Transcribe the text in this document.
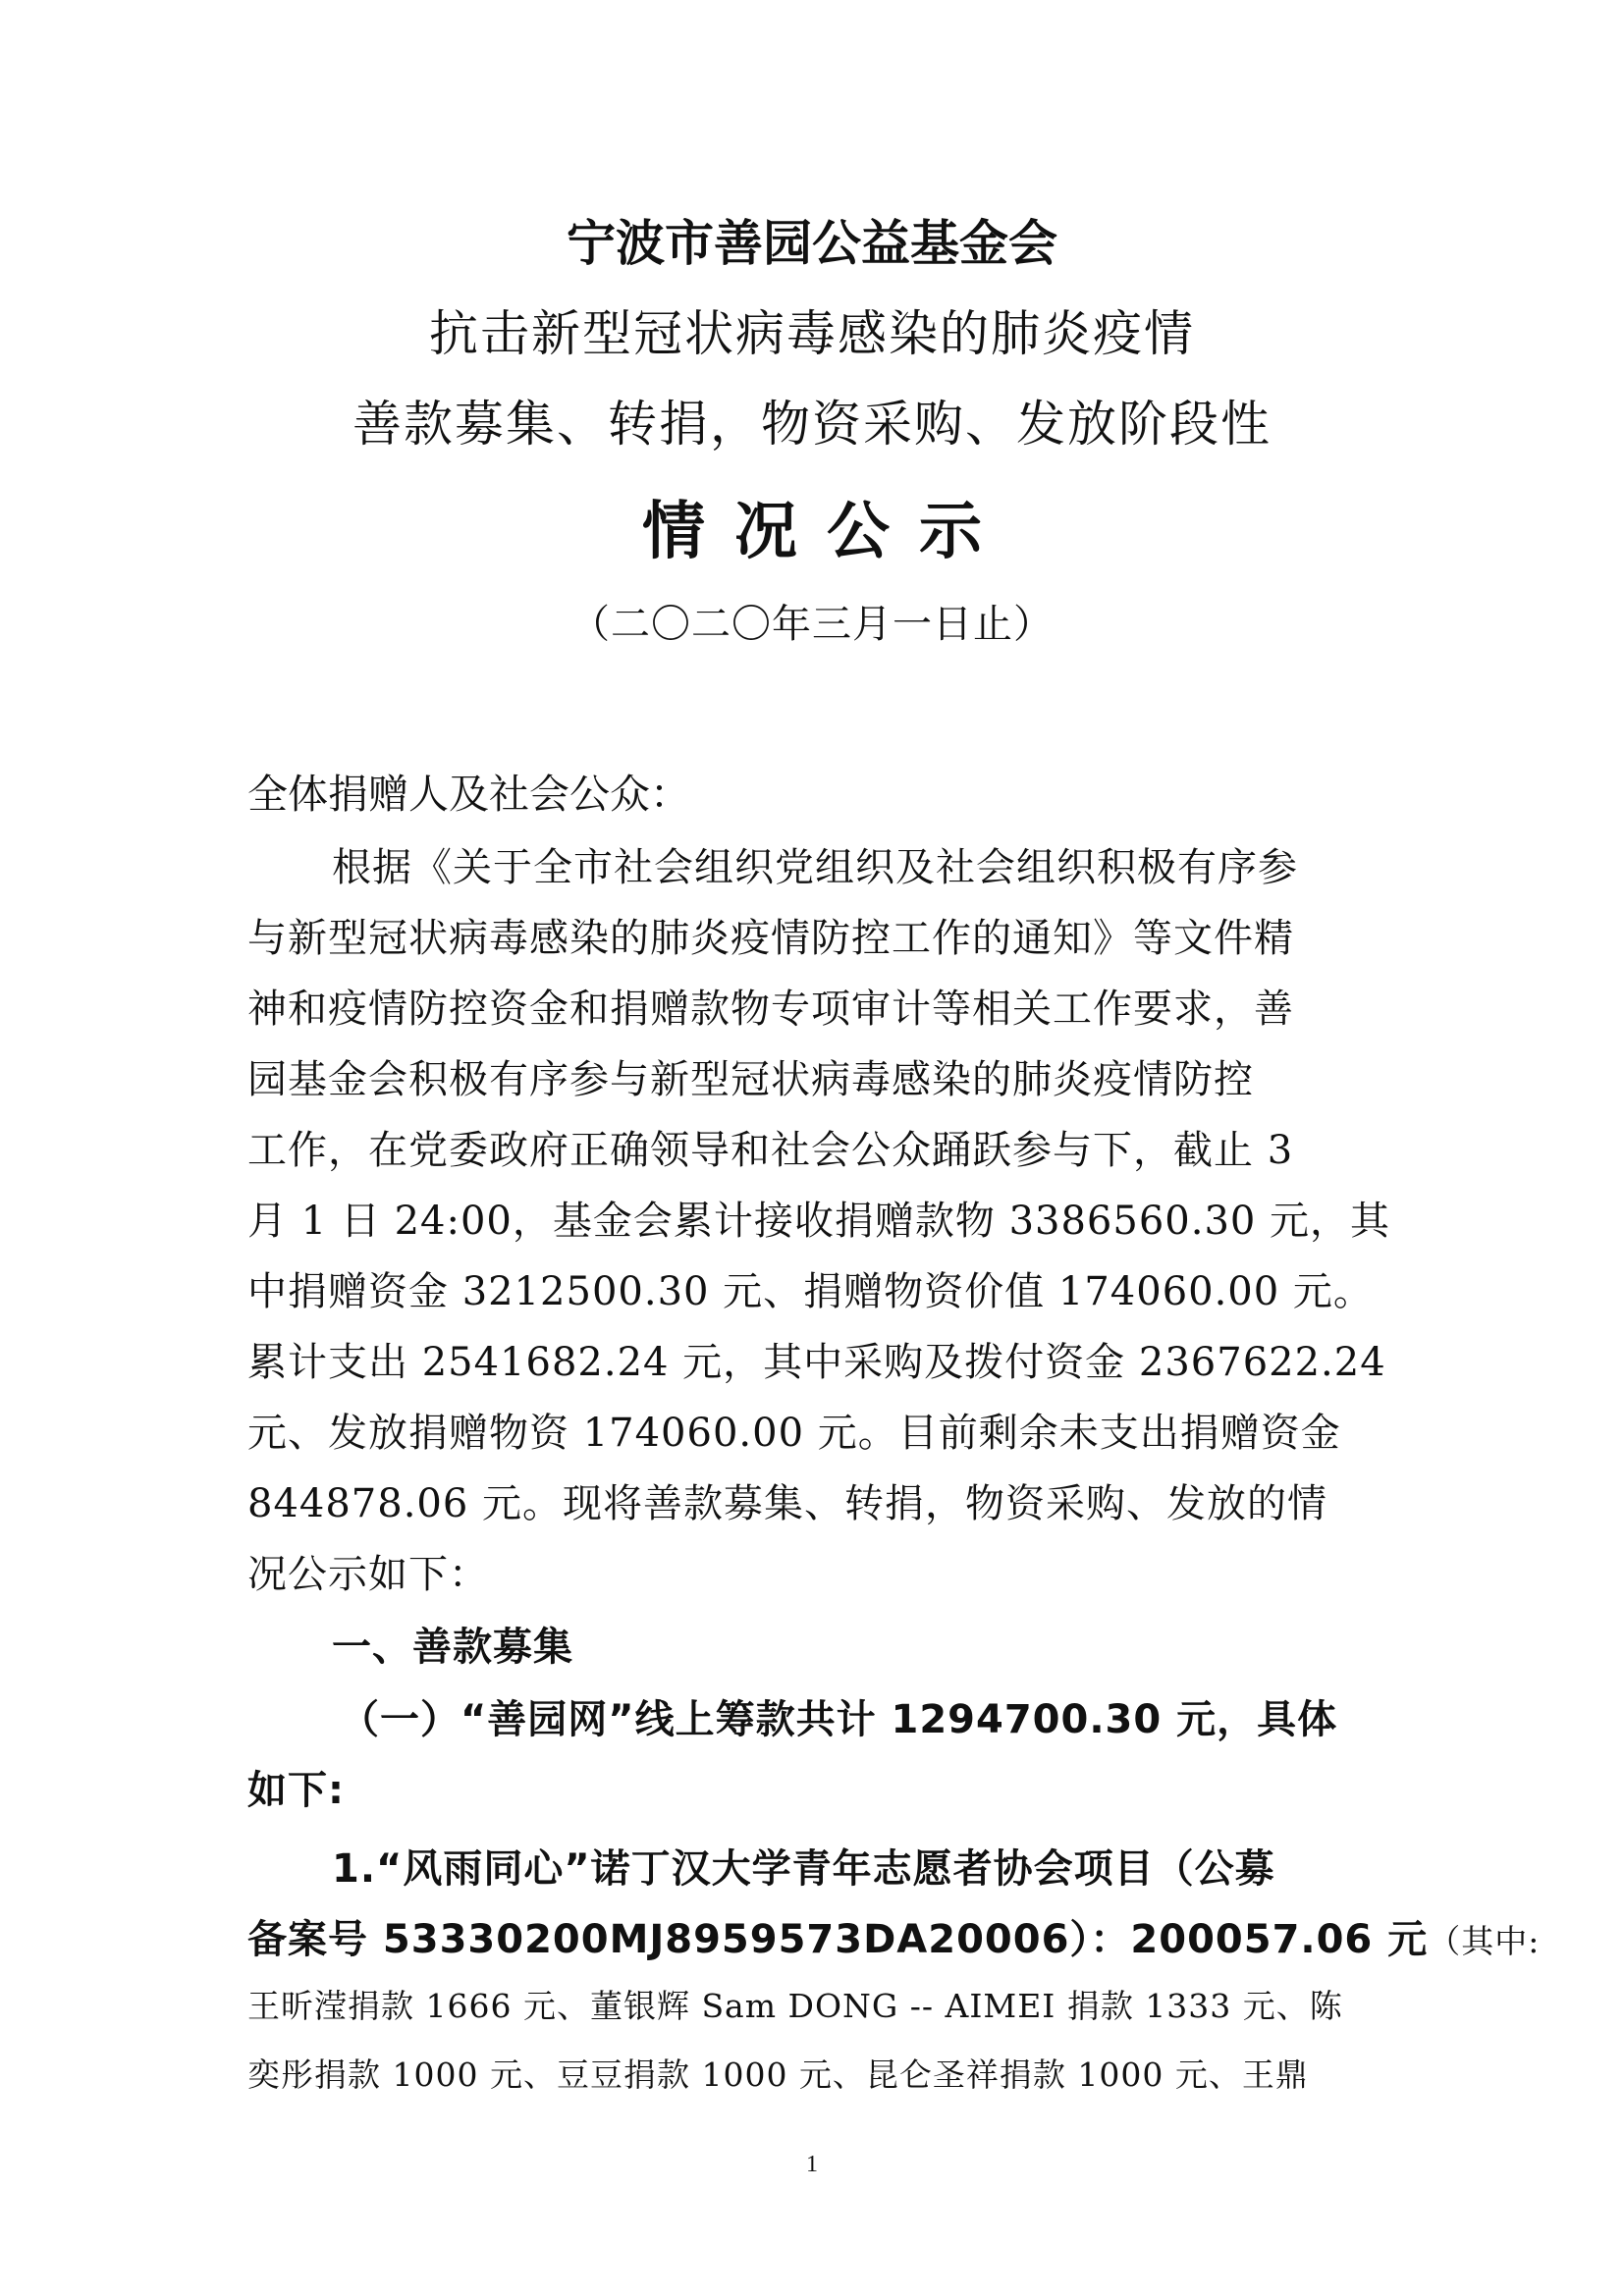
宁波市善园公益基金会
抗击新型冠状病毒感染的肺炎疫情
善款募集、转捐，物资采购、发放阶段性
情况公示
（二〇二〇年三月一日止）
全体捐赠人及社会公众：
根据《关于全市社会组织党组织及社会组织积极有序参
与新型冠状病毒感染的肺炎疫情防控工作的通知》等文件精
神和疫情防控资金和捐赠款物专项审计等相关工作要求，善
园基金会积极有序参与新型冠状病毒感染的肺炎疫情防控
工作，在党委政府正确领导和社会公众踊跃参与下，截止 3
月 1 日 24:00，基金会累计接收捐赠款物 3386560.30 元，其
中捐赠资金 3212500.30 元、捐赠物资价值 174060.00 元。
累计支出 2541682.24 元，其中采购及拨付资金 2367622.24
元、发放捐赠物资 174060.00 元。目前剩余未支出捐赠资金
844878.06 元。现将善款募集、转捐，物资采购、发放的情
况公示如下：
一、善款募集
（一）“善园网”线上筹款共计 1294700.30 元，具体
如下:
1.“风雨同心”诺丁汉大学青年志愿者协会项目（公募
备案号 53330200MJ8959573DA20006）：200057.06 元（其中:
王昕滢捐款 1666 元、董银辉 Sam DONG -- AIMEI 捐款 1333 元、陈
奕彤捐款 1000 元、豆豆捐款 1000 元、昆仑圣祥捐款 1000 元、王鼎
1
